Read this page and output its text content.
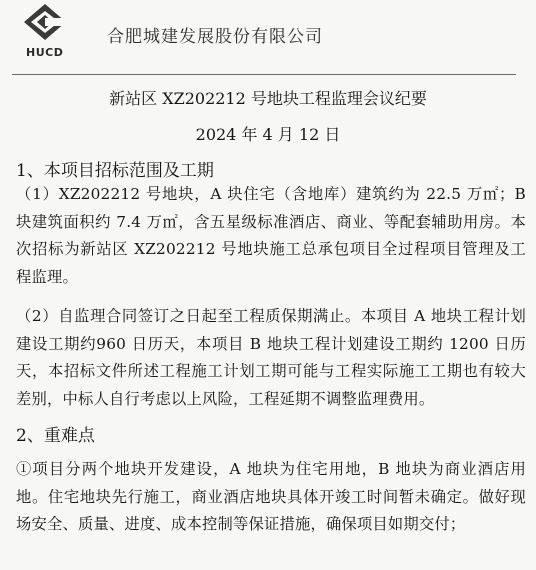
HUCD
合肥城建发展股份有限公司
新站区 XZ202212 号地块工程监理会议纪要
2024 年 4 月 12 日
1、本项目招标范围及工期
（1）XZ202212 号地块，A 块住宅（含地库）建筑约为 22.5 万㎡；B 块建筑面积约 7.4 万㎡，含五星级标准酒店、商业、等配套辅助用房。本次招标为新站区 XZ202212 号地块施工总承包项目全过程项目管理及工程监理。
（2）自监理合同签订之日起至工程质保期满止。本项目 A 地块工程计划建设工期约960 日历天，本项目 B 地块工程计划建设工期约 1200 日历天，本招标文件所述工程施工计划工期可能与工程实际施工工期也有较大差别，中标人自行考虑以上风险，工程延期不调整监理费用。
2、重难点
①项目分两个地块开发建设，A 地块为住宅用地，B 地块为商业酒店用地。住宅地块先行施工，商业酒店地块具体开竣工时间暂未确定。做好现场安全、质量、进度、成本控制等保证措施，确保项目如期交付；
